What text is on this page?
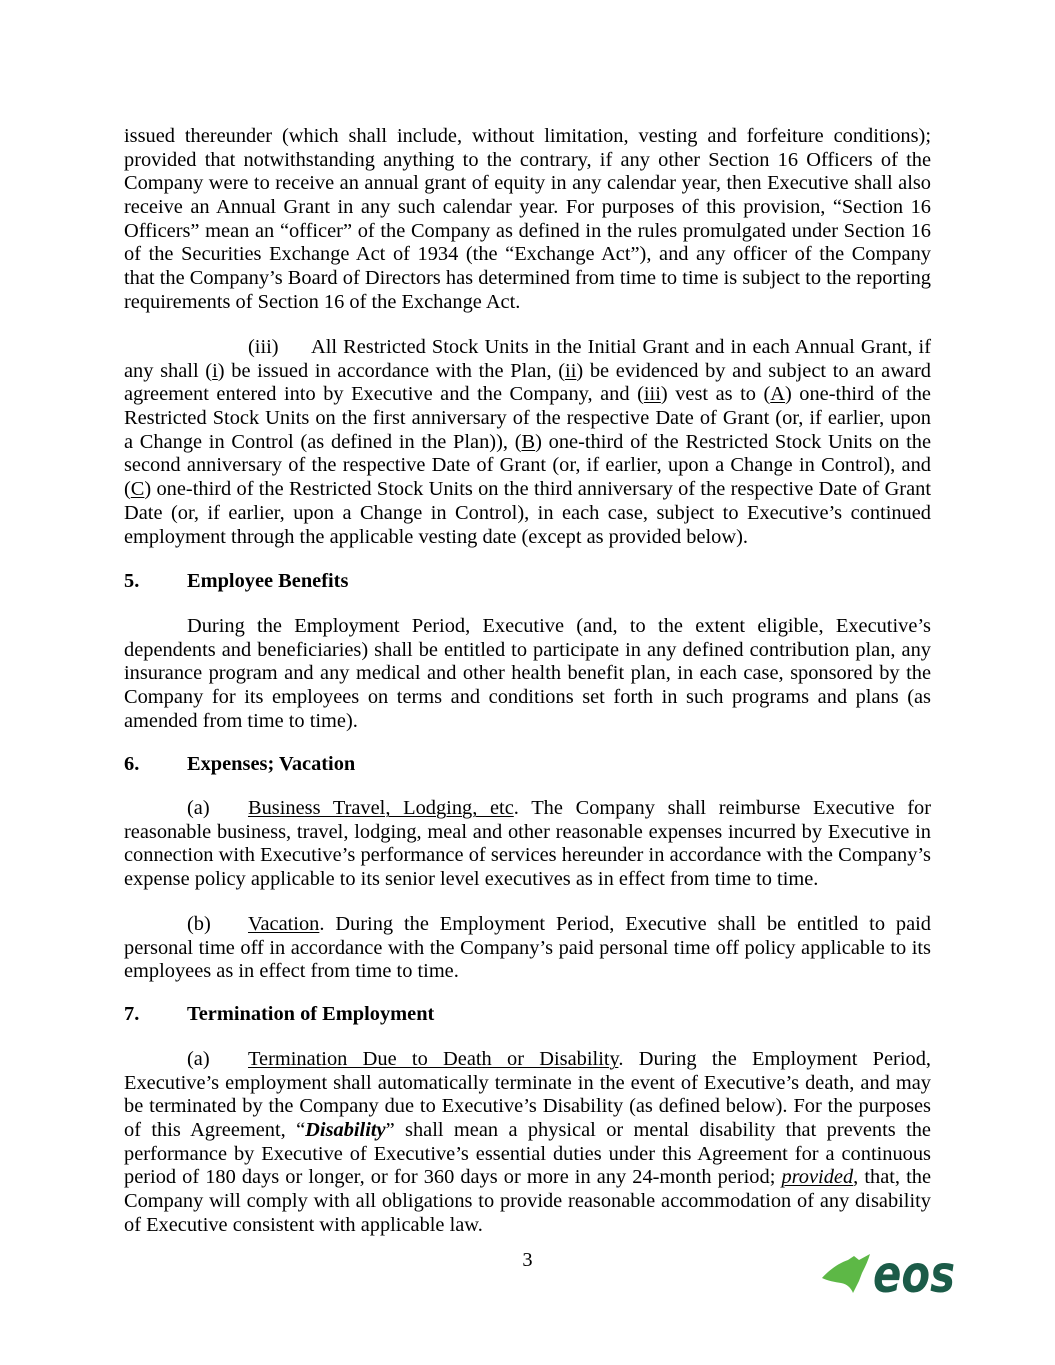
issued thereunder (which shall include, without limitation, vesting and forfeiture conditions);
provided that notwithstanding anything to the contrary, if any other Section 16 Officers of the
Company were to receive an annual grant of equity in any calendar year, then Executive shall also
receive an Annual Grant in any such calendar year. For purposes of this provision, “Section 16
Officers” mean an “officer” of the Company as defined in the rules promulgated under Section 16
of the Securities Exchange Act of 1934 (the “Exchange Act”), and any officer of the Company
that the Company’s Board of Directors has determined from time to time is subject to the reporting
requirements of Section 16 of the Exchange Act.
(iii) All Restricted Stock Units in the Initial Grant and in each Annual Grant, if
any shall (i) be issued in accordance with the Plan, (ii) be evidenced by and subject to an award
agreement entered into by Executive and the Company, and (iii) vest as to (A) one-third of the
Restricted Stock Units on the first anniversary of the respective Date of Grant (or, if earlier, upon
a Change in Control (as defined in the Plan)), (B) one-third of the Restricted Stock Units on the
second anniversary of the respective Date of Grant (or, if earlier, upon a Change in Control), and
(C) one-third of the Restricted Stock Units on the third anniversary of the respective Date of Grant
Date (or, if earlier, upon a Change in Control), in each case, subject to Executive’s continued
employment through the applicable vesting date (except as provided below).
5. Employee Benefits
During the Employment Period, Executive (and, to the extent eligible, Executive’s
dependents and beneficiaries) shall be entitled to participate in any defined contribution plan, any
insurance program and any medical and other health benefit plan, in each case, sponsored by the
Company for its employees on terms and conditions set forth in such programs and plans (as
amended from time to time).
6. Expenses; Vacation
(a) Business Travel, Lodging, etc. The Company shall reimburse Executive for
reasonable business, travel, lodging, meal and other reasonable expenses incurred by Executive in
connection with Executive’s performance of services hereunder in accordance with the Company’s
expense policy applicable to its senior level executives as in effect from time to time.
(b) Vacation. During the Employment Period, Executive shall be entitled to paid
personal time off in accordance with the Company’s paid personal time off policy applicable to its
employees as in effect from time to time.
7. Termination of Employment
(a) Termination Due to Death or Disability. During the Employment Period,
Executive’s employment shall automatically terminate in the event of Executive’s death, and may
be terminated by the Company due to Executive’s Disability (as defined below). For the purposes
of this Agreement, “Disability” shall mean a physical or mental disability that prevents the
performance by Executive of Executive’s essential duties under this Agreement for a continuous
period of 180 days or longer, or for 360 days or more in any 24-month period; provided, that, the
Company will comply with all obligations to provide reasonable accommodation of any disability
of Executive consistent with applicable law.
3	eos
